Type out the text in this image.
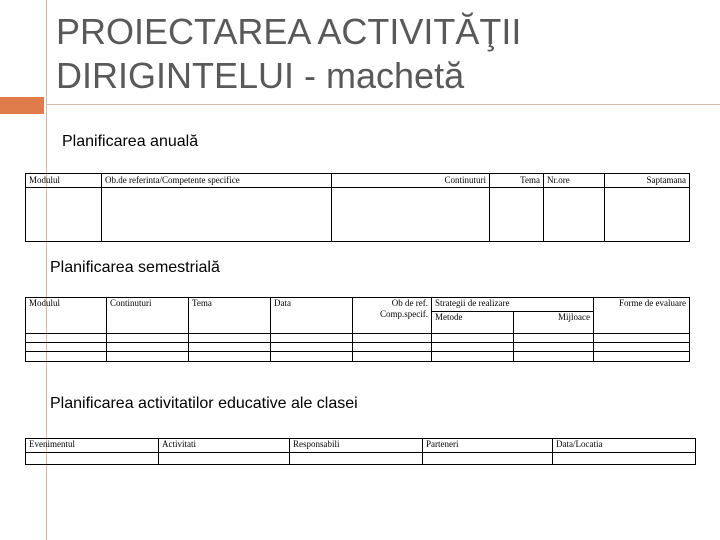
PROIECTAREA ACTIVITĂŢII
DIRIGINTELUI - machetă
Planificarea anuală
Modulul	Ob.de referinta/Competente specifice	Continuturi	Tema	Nr.ore	Saptamana

Planificarea semestrială
Modulul	Continuturi	Tema	Data	Ob de ref. Comp.specif.	Strategii de realizare		Forme de evaluare
					Metode	Mijloace	

Planificarea activitatilor educative ale clasei
Evenimentul	Activitati	Responsabili	Parteneri	Data/Locatia
